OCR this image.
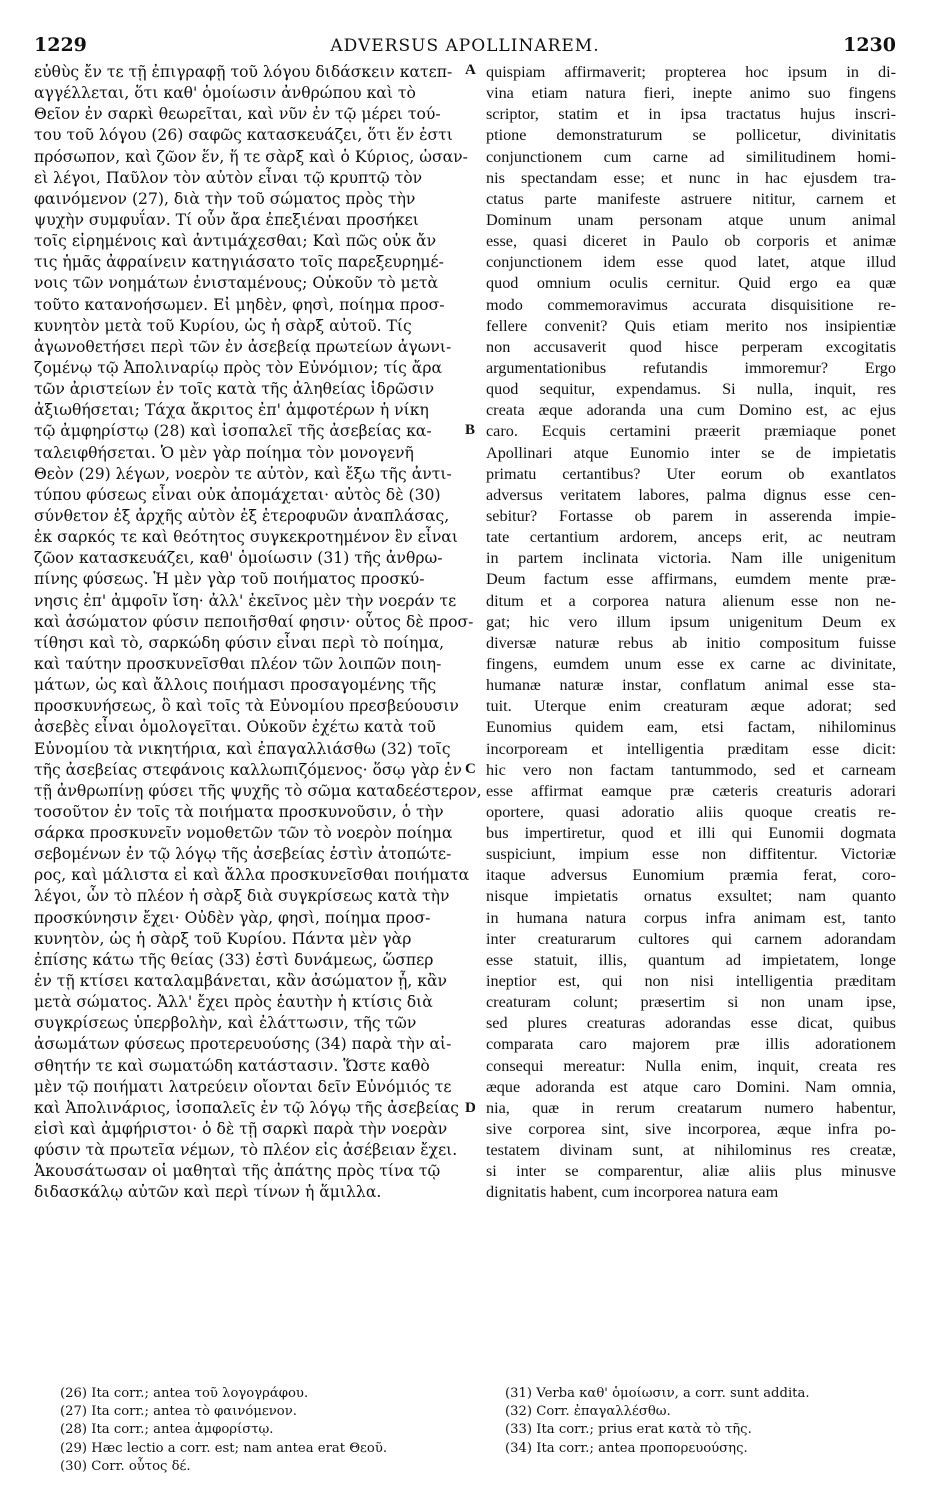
1229	ADVERSUS APOLLINAREM.	1230
εὐθὺς ἔν τε τῇ ἐπιγραφῇ τοῦ λόγου διδάσκειν κατεπ-
αγγέλλεται, ὅτι καθ' ὁμοίωσιν ἀνθρώπου καὶ τὸ
Θεῖον ἐν σαρκὶ θεωρεῖται, καὶ νῦν ἐν τῷ μέρει τού-
του τοῦ λόγου (26) σαφῶς κατασκευάζει, ὅτι ἕν ἐστι
πρόσωπον, καὶ ζῶον ἕν, ἥ τε σὰρξ καὶ ὁ Κύριος, ὡσαν-
εὶ λέγοι, Παῦλον τὸν αὐτὸν εἶναι τῷ κρυπτῷ τὸν
φαινόμενον (27), διὰ τὴν τοῦ σώματος πρὸς τὴν
ψυχὴν συμφυΐαν. Τί οὖν ἄρα ἐπεξιέναι προσήκει
τοῖς εἰρημένοις καὶ ἀντιμάχεσθαι; Καὶ πῶς οὐκ ἄν
τις ἡμᾶς ἀφραίνειν κατηγιάσατο τοῖς παρεξευρημέ-
νοις τῶν νοημάτων ἐνισταμένους; Οὐκοῦν τὸ μετὰ
τοῦτο κατανοήσωμεν. Εἰ μηδὲν, φησὶ, ποίημα προσ-
κυνητὸν μετὰ τοῦ Κυρίου, ὡς ἡ σὰρξ αὐτοῦ. Τίς
ἀγωνοθετήσει περὶ τῶν ἐν ἀσεβείᾳ πρωτείων ἀγωνι-
ζομένῳ τῷ Ἀπολιναρίῳ πρὸς τὸν Εὐνόμιον; τίς ἄρα
τῶν ἀριστείων ἐν τοῖς κατὰ τῆς ἀληθείας ἱδρῶσιν
ἀξιωθήσεται; Τάχα ἄκριτος ἐπ' ἀμφοτέρων ἡ νίκη
τῷ ἀμφηρίστῳ (28) καὶ ἰσοπαλεῖ τῆς ἀσεβείας κα-
ταλειφθήσεται. Ὁ μὲν γὰρ ποίημα τὸν μονογενῆ
Θεὸν (29) λέγων, νοερὸν τε αὐτὸν, καὶ ἔξω τῆς ἀντι-
τύπου φύσεως εἶναι οὐκ ἀπομάχεται· αὐτὸς δὲ (30)
σύνθετον ἐξ ἀρχῆς αὐτὸν ἐξ ἑτεροφυῶν ἀναπλάσας,
ἐκ σαρκός τε καὶ θεότητος συγκεκροτημένον ἓν εἶναι
ζῶον κατασκευάζει, καθ' ὁμοίωσιν (31) τῆς ἀνθρω-
πίνης φύσεως. Ἡ μὲν γὰρ τοῦ ποιήματος προσκύ-
νησις ἐπ' ἀμφοῖν ἴση· ἀλλ' ἐκεῖνος μὲν τὴν νοεράν τε
καὶ ἀσώματον φύσιν πεποιῆσθαί φησιν· οὗτος δὲ προσ-
τίθησι καὶ τὸ, σαρκώδη φύσιν εἶναι περὶ τὸ ποίημα,
καὶ ταύτην προσκυνεῖσθαι πλέον τῶν λοιπῶν ποιη-
μάτων, ὡς καὶ ἄλλοις ποιήμασι προσαγομένης τῆς
προσκυνήσεως, ὃ καὶ τοῖς τὰ Εὐνομίου πρεσβεύουσιν
ἀσεβὲς εἶναι ὁμολογεῖται. Οὐκοῦν ἐχέτω κατὰ τοῦ
Εὐνομίου τὰ νικητήρια, καὶ ἐπαγαλλιάσθω (32) τοῖς
τῆς ἀσεβείας στεφάνοις καλλωπιζόμενος· ὅσῳ γὰρ ἐν
τῇ ἀνθρωπίνῃ φύσει τῆς ψυχῆς τὸ σῶμα καταδεέστερον,
τοσοῦτον ἐν τοῖς τὰ ποιήματα προσκυνοῦσιν, ὁ τὴν
σάρκα προσκυνεῖν νομοθετῶν τῶν τὸ νοερὸν ποίημα
σεβομένων ἐν τῷ λόγῳ τῆς ἀσεβείας ἐστὶν ἀτοπώτε-
ρος, καὶ μάλιστα εἰ καὶ ἄλλα προσκυνεῖσθαι ποιήματα
λέγοι, ὧν τὸ πλέον ἡ σὰρξ διὰ συγκρίσεως κατὰ τὴν
προσκύνησιν ἔχει· Οὐδὲν γὰρ, φησὶ, ποίημα προσ-
κυνητὸν, ὡς ἡ σὰρξ τοῦ Κυρίου. Πάντα μὲν γὰρ
ἐπίσης κάτω τῆς θείας (33) ἐστὶ δυνάμεως, ὥσπερ
ἐν τῇ κτίσει καταλαμβάνεται, κἂν ἀσώματον ᾖ, κἂν
μετὰ σώματος. Ἀλλ' ἔχει πρὸς ἑαυτὴν ἡ κτίσις διὰ
συγκρίσεως ὑπερβολὴν, καὶ ἐλάττωσιν, τῆς τῶν
ἀσωμάτων φύσεως προτερευούσης (34) παρὰ τὴν αἰ-
σθητήν τε καὶ σωματώδη κατάστασιν. Ὥστε καθὸ
μὲν τῷ ποιήματι λατρεύειν οἴονται δεῖν Εὐνόμιός τε
καὶ Ἀπολινάριος, ἰσοπαλεῖς ἐν τῷ λόγῳ τῆς ἀσεβείας
εἰσὶ καὶ ἀμφήριστοι· ὁ δὲ τῇ σαρκὶ παρὰ τὴν νοερὰν
φύσιν τὰ πρωτεῖα νέμων, τὸ πλέον εἰς ἀσέβειαν ἔχει.
Ἀκουσάτωσαν οἱ μαθηταὶ τῆς ἀπάτης πρὸς τίνα τῷ
διδασκάλῳ αὐτῶν καὶ περὶ τίνων ἡ ἅμιλλα.
quispiam affirmaverit; propterea hoc ipsum in di-
vina etiam natura fieri, inepte animo suo fingens
scriptor, statim et in ipsa tractatus hujus inscri-
ptione demonstraturum se pollicetur, divinitatis
conjunctionem cum carne ad similitudinem homi-
nis spectandam esse; et nunc in hac ejusdem tra-
ctatus parte manifeste astruere nititur, carnem et
Dominum unam personam atque unum animal
esse, quasi diceret in Paulo ob corporis et animæ
conjunctionem idem esse quod latet, atque illud
quod omnium oculis cernitur. Quid ergo ea quæ
modo commemoravimus accurata disquisitione re-
fellere convenit? Quis etiam merito nos insipientiæ
non accusaverit quod hisce perperam excogitatis
argumentationibus refutandis immoremur? Ergo
quod sequitur, expendamus. Si nulla, inquit, res
creata æque adoranda una cum Domino est, ac ejus
caro. Ecquis certamini præerit præmiaque ponet
Apollinari atque Eunomio inter se de impietatis
primatu certantibus? Uter eorum ob exantlatos
adversus veritatem labores, palma dignus esse cen-
sebitur? Fortasse ob parem in asserenda impie-
tate certantium ardorem, anceps erit, ac neutram
in partem inclinata victoria. Nam ille unigenitum
Deum factum esse affirmans, eumdem mente præ-
ditum et a corporea natura alienum esse non ne-
gat; hic vero illum ipsum unigenitum Deum ex
diversæ naturæ rebus ab initio compositum fuisse
fingens, eumdem unum esse ex carne ac divinitate,
humanæ naturæ instar, conflatum animal esse sta-
tuit. Uterque enim creaturam æque adorat; sed
Eunomius quidem eam, etsi factam, nihilominus
incorpoream et intelligentia præditam esse dicit:
hic vero non factam tantummodo, sed et carneam
esse affirmat eamque præ cæteris creaturis adorari
oportere, quasi adoratio aliis quoque creatis re-
bus impertiretur, quod et illi qui Eunomii dogmata
suspiciunt, impium esse non diffitentur. Victoriæ
itaque adversus Eunomium præmia ferat, coro-
nisque impietatis ornatus exsultet; nam quanto
in humana natura corpus infra animam est, tanto
inter creaturarum cultores qui carnem adorandam
esse statuit, illis, quantum ad impietatem, longe
ineptior est, qui non nisi intelligentia præditam
creaturam colunt; præsertim si non unam ipse,
sed plures creaturas adorandas esse dicat, quibus
comparata caro majorem præ illis adorationem
consequi mereatur: Nulla enim, inquit, creata res
æque adoranda est atque caro Domini. Nam omnia,
nia, quæ in rerum creatarum numero habentur,
sive corporea sint, sive incorporea, æque infra po-
testatem divinam sunt, at nihilominus res creatæ,
si inter se comparentur, aliæ aliis plus minusve
dignitatis habent, cum incorporea natura eam
A
B
C
D
(26) Ita corr.; antea τοῦ λογογράφου.
(27) Ita corr.; antea τὸ φαινόμενον.
(28) Ita corr.; antea ἀμφορίστῳ.
(29) Hæc lectio a corr. est; nam antea erat Θεοῦ.
(30) Corr. οὗτος δέ.
(31) Verba καθ' ὁμοίωσιν, a corr. sunt addita.
(32) Corr. ἐπαγαλλέσθω.
(33) Ita corr.; prius erat κατὰ τὸ τῆς.
(34) Ita corr.; antea προπορευούσης.
